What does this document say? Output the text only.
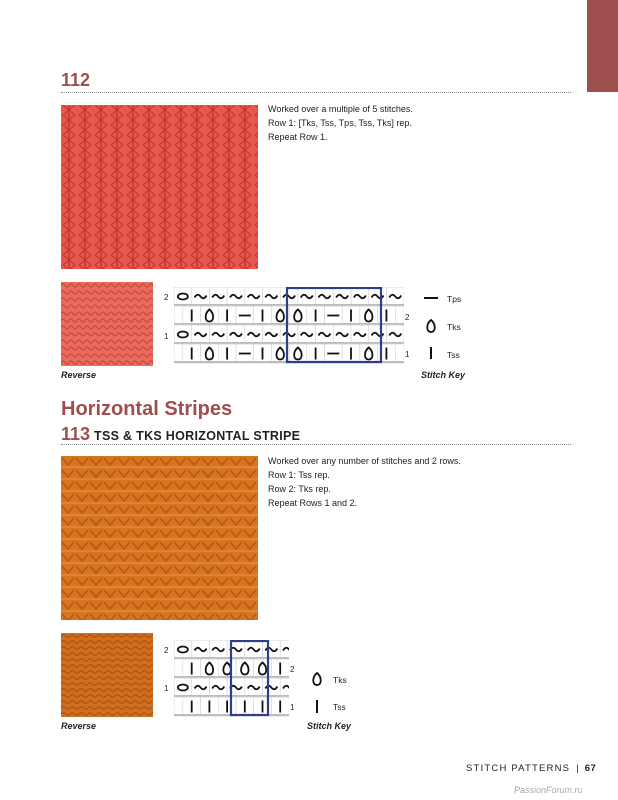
112
Worked over a multiple of 5 stitches.
Row 1: [Tks, Tss, Tps, Tss, Tks] rep.
Repeat Row 1.
Reverse
2
1
2
1
Tps
Tks
Tss
Stitch Key
Horizontal Stripes
113 TSS & TKS HORIZONTAL STRIPE
Worked over any number of stitches and 2 rows.
Row 1: Tss rep.
Row 2: Tks rep.
Repeat Rows 1 and 2.
Reverse
2
1
2
1
Tks
Tss
Stitch Key
STITCH PATTERNS | 67
PassionForum.ru
